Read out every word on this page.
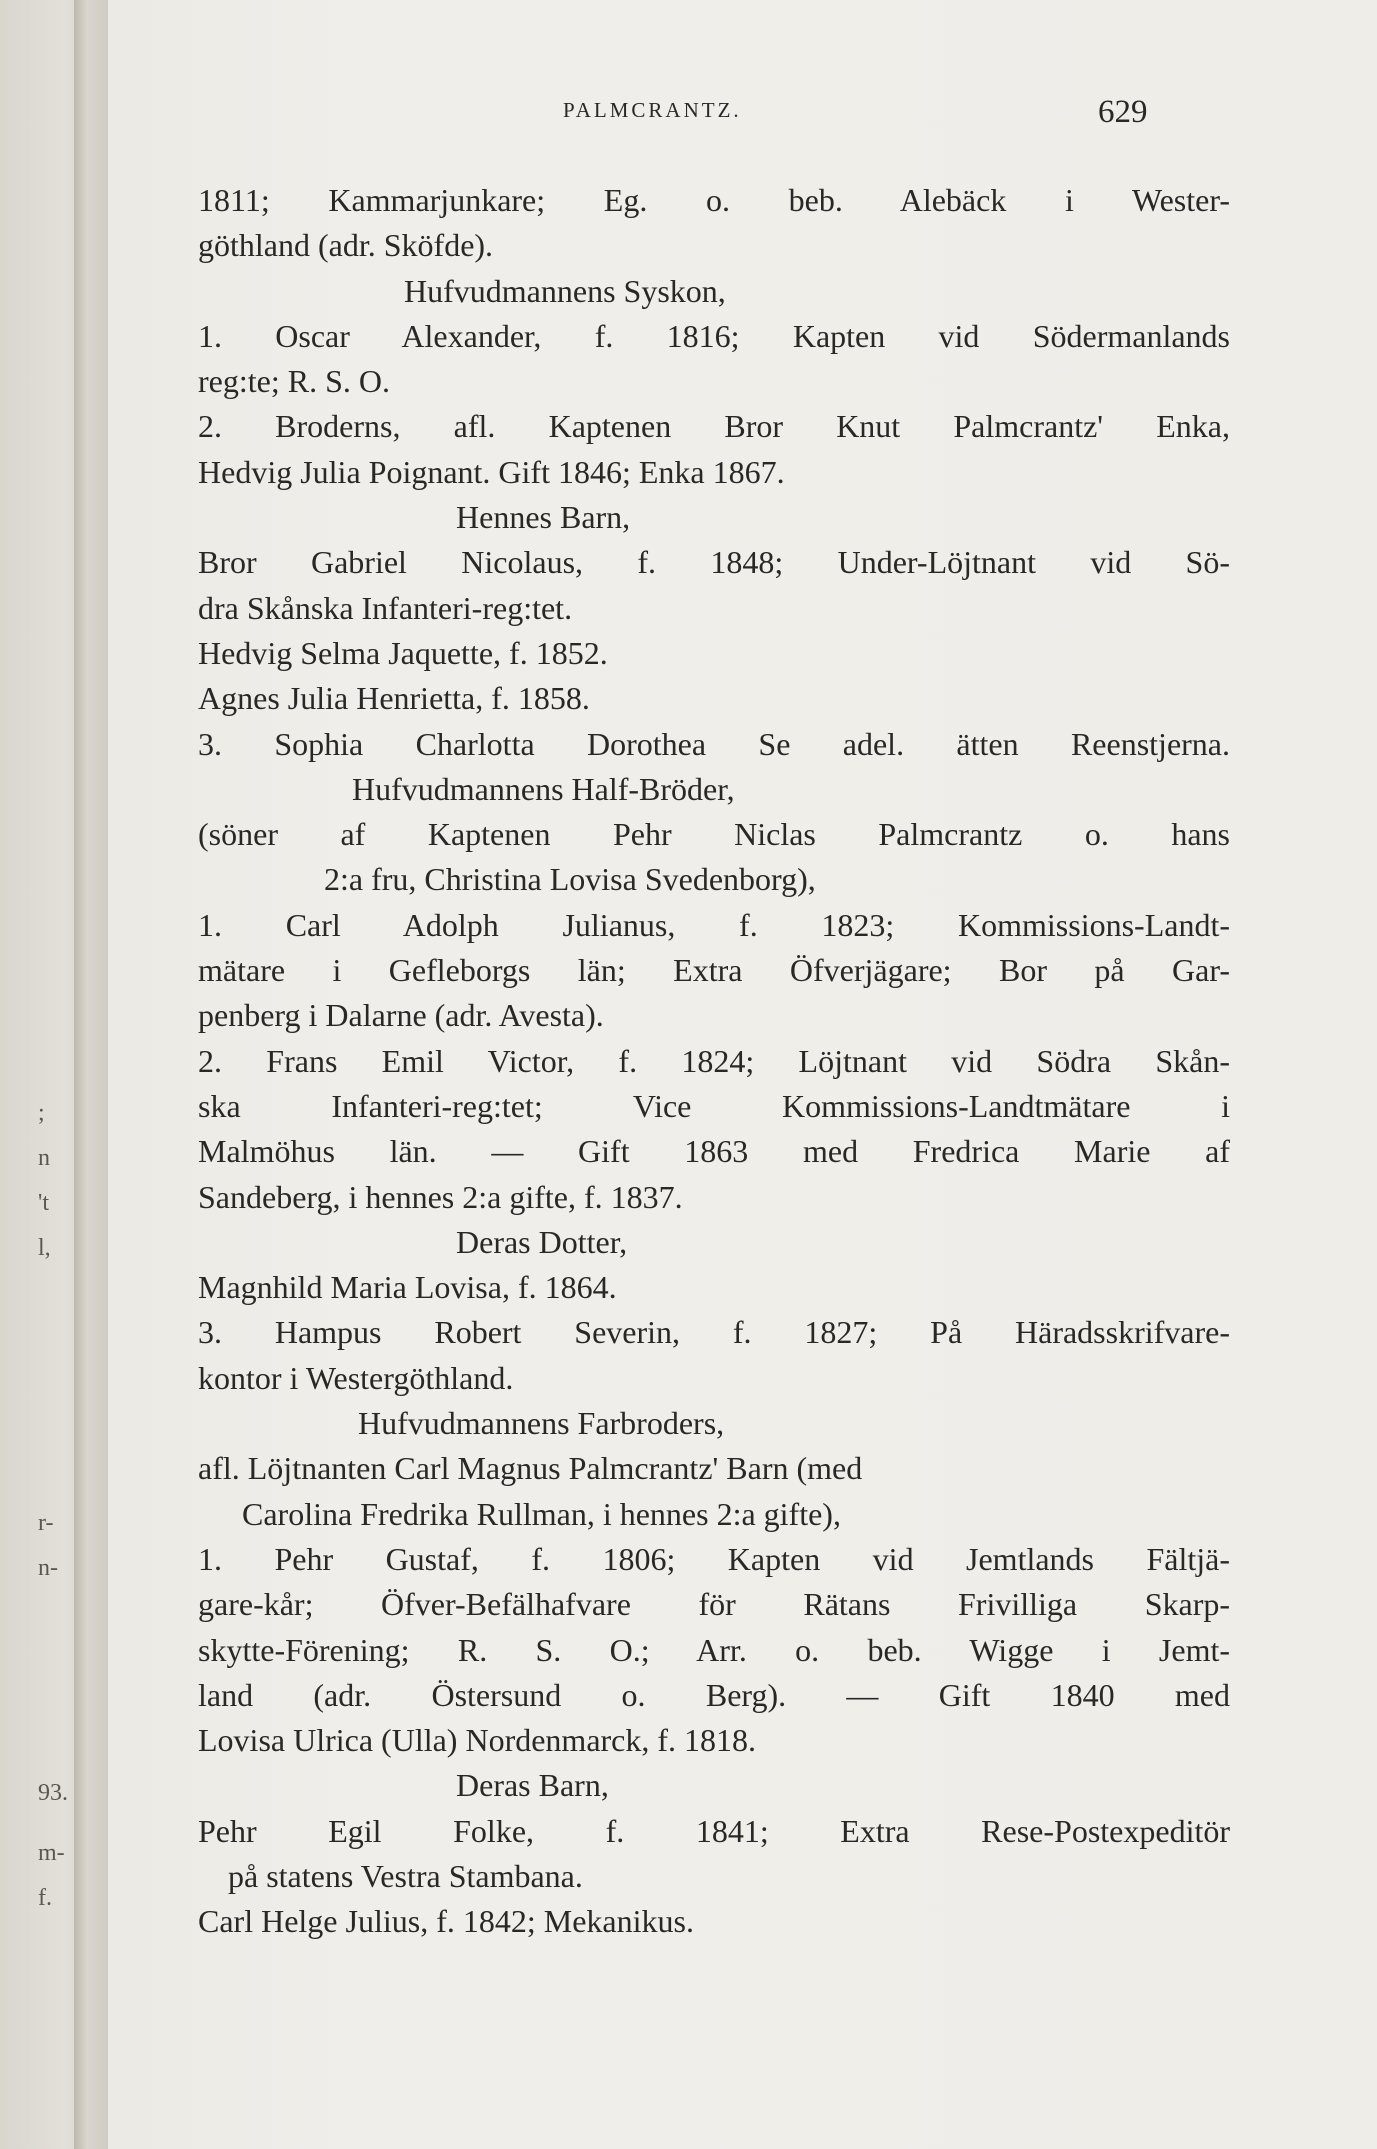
;
n
't
l,
r-
n-
93.
m-
f.
PALMCRANTZ.	629
1811; Kammarjunkare; Eg. o. beb. Alebäck i Wester-
göthland (adr. Sköfde).
Hufvudmannens Syskon,
1. Oscar Alexander, f. 1816; Kapten vid Södermanlands
reg:te; R. S. O.
2. Broderns, afl. Kaptenen Bror Knut Palmcrantz' Enka,
Hedvig Julia Poignant. Gift 1846; Enka 1867.
Hennes Barn,
Bror Gabriel Nicolaus, f. 1848; Under-Löjtnant vid Sö-
dra Skånska Infanteri-reg:tet.
Hedvig Selma Jaquette, f. 1852.
Agnes Julia Henrietta, f. 1858.
3. Sophia Charlotta Dorothea Se adel. ätten Reenstjerna.
Hufvudmannens Half-Bröder,
(söner af Kaptenen Pehr Niclas Palmcrantz o. hans
2:a fru, Christina Lovisa Svedenborg),
1. Carl Adolph Julianus, f. 1823; Kommissions-Landt-
mätare i Gefleborgs län; Extra Öfverjägare; Bor på Gar-
penberg i Dalarne (adr. Avesta).
2. Frans Emil Victor, f. 1824; Löjtnant vid Södra Skån-
ska Infanteri-reg:tet; Vice Kommissions-Landtmätare i
Malmöhus län. — Gift 1863 med Fredrica Marie af
Sandeberg, i hennes 2:a gifte, f. 1837.
Deras Dotter,
Magnhild Maria Lovisa, f. 1864.
3. Hampus Robert Severin, f. 1827; På Häradsskrifvare-
kontor i Westergöthland.
Hufvudmannens Farbroders,
afl. Löjtnanten Carl Magnus Palmcrantz' Barn (med
Carolina Fredrika Rullman, i hennes 2:a gifte),
1. Pehr Gustaf, f. 1806; Kapten vid Jemtlands Fältjä-
gare-kår; Öfver-Befälhafvare för Rätans Frivilliga Skarp-
skytte-Förening; R. S. O.; Arr. o. beb. Wigge i Jemt-
land (adr. Östersund o. Berg). — Gift 1840 med
Lovisa Ulrica (Ulla) Nordenmarck, f. 1818.
Deras Barn,
Pehr Egil Folke, f. 1841; Extra Rese-Postexpeditör
på statens Vestra Stambana.
Carl Helge Julius, f. 1842; Mekanikus.
